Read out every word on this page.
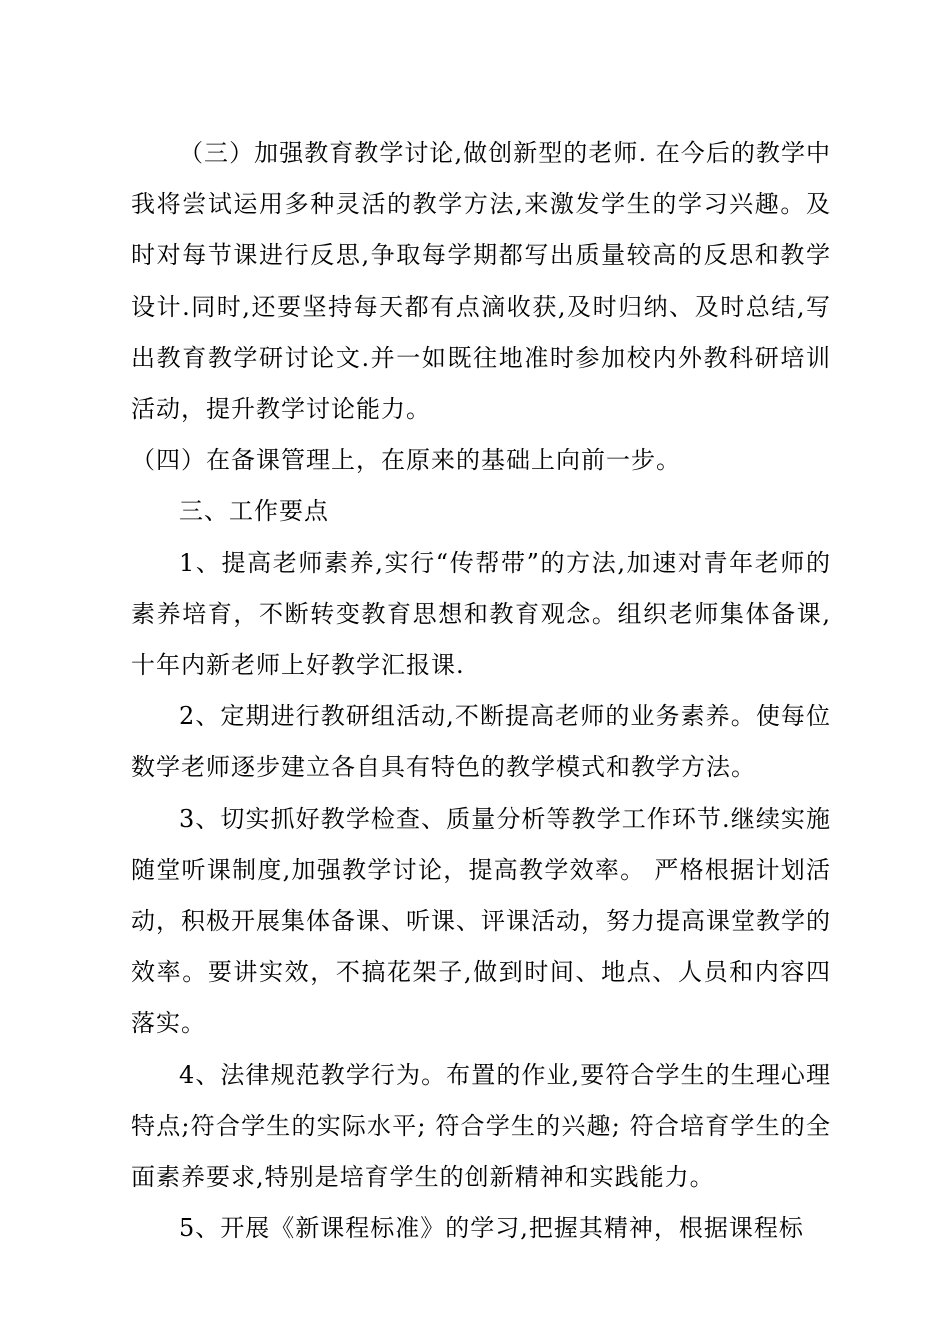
（三）加强教育教学讨论,做创新型的老师. 在今后的教学中我将尝试运用多种灵活的教学方法,来激发学生的学习兴趣。及时对每节课进行反思,争取每学期都写出质量较高的反思和教学设计.同时,还要坚持每天都有点滴收获,及时归纳、及时总结,写出教育教学研讨论文.并一如既往地准时参加校内外教科研培训活动，提升教学讨论能力。

（四）在备课管理上，在原来的基础上向前一步。

三、工作要点

1、提高老师素养,实行“传帮带”的方法,加速对青年老师的素养培育，不断转变教育思想和教育观念。组织老师集体备课,十年内新老师上好教学汇报课.

2、定期进行教研组活动,不断提高老师的业务素养。使每位数学老师逐步建立各自具有特色的教学模式和教学方法。

3、切实抓好教学检查、质量分析等教学工作环节.继续实施随堂听课制度,加强教学讨论，提高教学效率。 严格根据计划活动，积极开展集体备课、听课、评课活动，努力提高课堂教学的效率。要讲实效，不搞花架子,做到时间、地点、人员和内容四落实。

4、法律规范教学行为。布置的作业,要符合学生的生理心理特点;符合学生的实际水平; 符合学生的兴趣; 符合培育学生的全面素养要求,特别是培育学生的创新精神和实践能力。

5、开展《新课程标准》的学习,把握其精神，根据课程标
